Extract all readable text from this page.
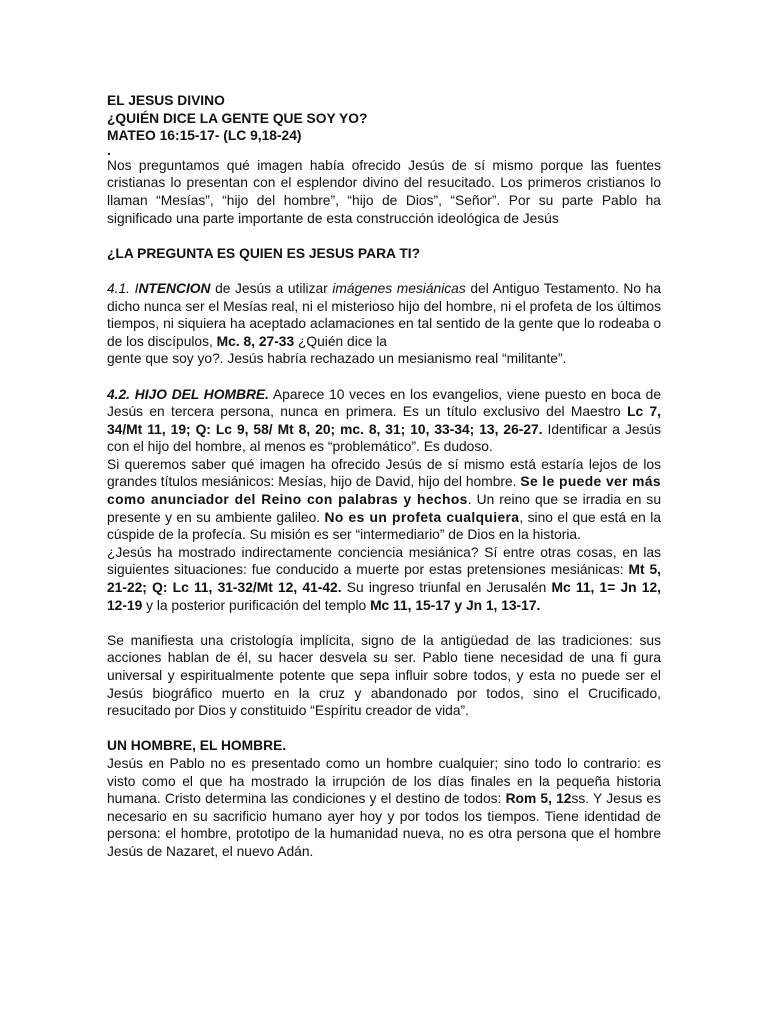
EL JESUS DIVINO

¿QUIÉN DICE LA GENTE QUE SOY YO?

MATEO 16:15-17- (LC 9,18-24)

.

Nos preguntamos qué imagen había ofrecido Jesús de sí mismo porque las fuentes cristianas lo presentan con el esplendor divino del resucitado. Los primeros cristianos lo llaman “Mesías”, “hijo del hombre”, “hijo de Dios”, “Señor”. Por su parte Pablo ha significado una parte importante de esta construcción ideológica de Jesús

¿LA PREGUNTA ES QUIEN ES JESUS PARA TI?

4.1. INTENCION de Jesús a utilizar imágenes mesiánicas del Antiguo Testamento. No ha dicho nunca ser el Mesías real, ni el misterioso hijo del hombre, ni el profeta de los últimos tiempos, ni siquiera ha aceptado aclamaciones en tal sentido de la gente que lo rodeaba o de los discípulos, Mc. 8, 27-33 ¿Quién dice la

gente que soy yo?. Jesús habría rechazado un mesianismo real “militante”.

4.2. HIJO DEL HOMBRE. Aparece 10 veces en los evangelios, viene puesto en boca de Jesús en tercera persona, nunca en primera. Es un título exclusivo del Maestro Lc 7, 34/Mt 11, 19; Q: Lc 9, 58/ Mt 8, 20; mc. 8, 31; 10, 33-34; 13, 26-27. Identificar a Jesús con el hijo del hombre, al menos es “problemático”. Es dudoso.

Si queremos saber qué imagen ha ofrecido Jesús de sí mismo está estaría lejos de los grandes títulos mesiánicos: Mesías, hijo de David, hijo del hombre. Se le puede ver más como anunciador del Reino con palabras y hechos. Un reino que se irradia en su presente y en su ambiente galileo. No es un profeta cualquiera, sino el que está en la cúspide de la profecía. Su misión es ser “intermediario” de Dios en la historia.

¿Jesús ha mostrado indirectamente conciencia mesiánica? Sí entre otras cosas, en las siguientes situaciones: fue conducido a muerte por estas pretensiones mesiánicas: Mt 5, 21-22; Q: Lc 11, 31-32/Mt 12, 41-42. Su ingreso triunfal en Jerusalén Mc 11, 1= Jn 12, 12-19 y la posterior purificación del templo Mc 11, 15-17 y Jn 1, 13-17.

Se manifiesta una cristología implícita, signo de la antigüedad de las tradiciones: sus acciones hablan de él, su hacer desvela su ser. Pablo tiene necesidad de una fi gura universal y espiritualmente potente que sepa influir sobre todos, y esta no puede ser el Jesús biográfico muerto en la cruz y abandonado por todos, sino el Crucificado, resucitado por Dios y constituido “Espíritu creador de vida”.

UN HOMBRE, EL HOMBRE.

Jesús en Pablo no es presentado como un hombre cualquier; sino todo lo contrario: es visto como el que ha mostrado la irrupción de los días finales en la pequeña historia humana. Cristo determina las condiciones y el destino de todos: Rom 5, 12ss. Y Jesus es necesario en su sacrificio humano ayer hoy y por todos los tiempos. Tiene identidad de persona: el hombre, prototipo de la humanidad nueva, no es otra persona que el hombre Jesús de Nazaret, el nuevo Adán.
